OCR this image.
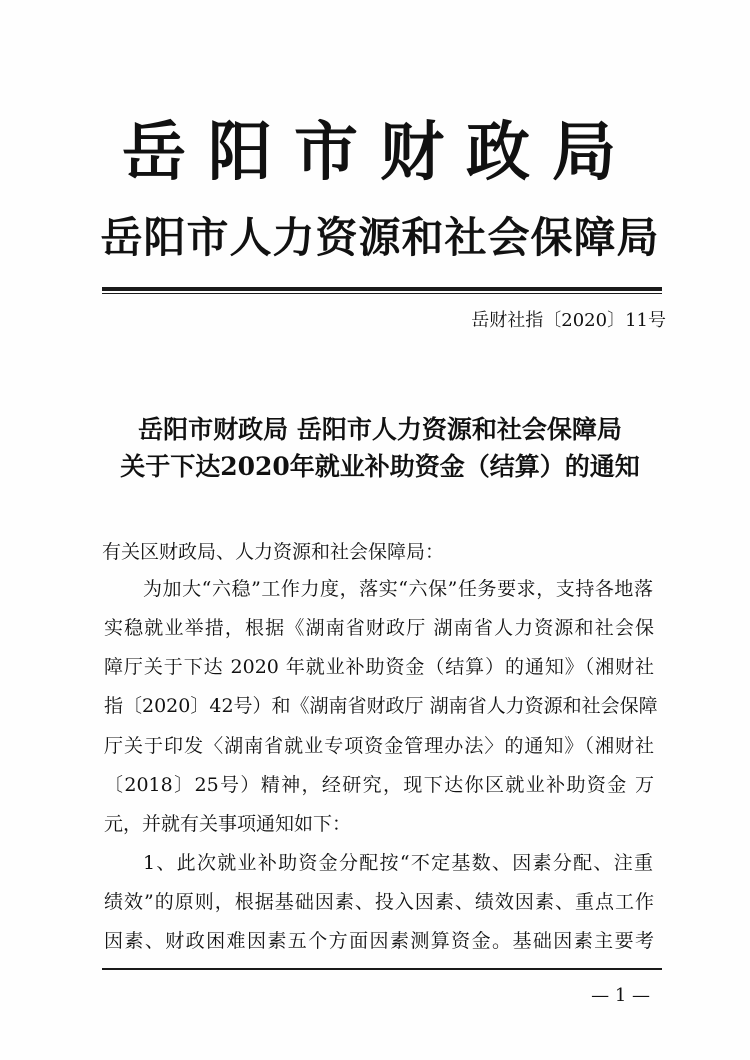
岳阳市财政局
岳阳市人力资源和社会保障局
岳财社指〔2020〕11号
岳阳市财政局 岳阳市人力资源和社会保障局
关于下达2020年就业补助资金（结算）的通知
有关区财政局、人力资源和社会保障局：
为加大“六稳”工作力度，落实“六保”任务要求，支持各地落
实稳就业举措，根据《湖南省财政厅 湖南省人力资源和社会保
障厅关于下达 2020 年就业补助资金（结算）的通知》（湘财社
指〔2020〕42号）和《湖南省财政厅 湖南省人力资源和社会保障
厅关于印发〈湖南省就业专项资金管理办法〉的通知》（湘财社
〔2018〕25号）精神，经研究，现下达你区就业补助资金 万
元，并就有关事项通知如下：
1、此次就业补助资金分配按“不定基数、因素分配、注重
绩效”的原则，根据基础因素、投入因素、绩效因素、重点工作
因素、财政困难因素五个方面因素测算资金。基础因素主要考
— 1 —
